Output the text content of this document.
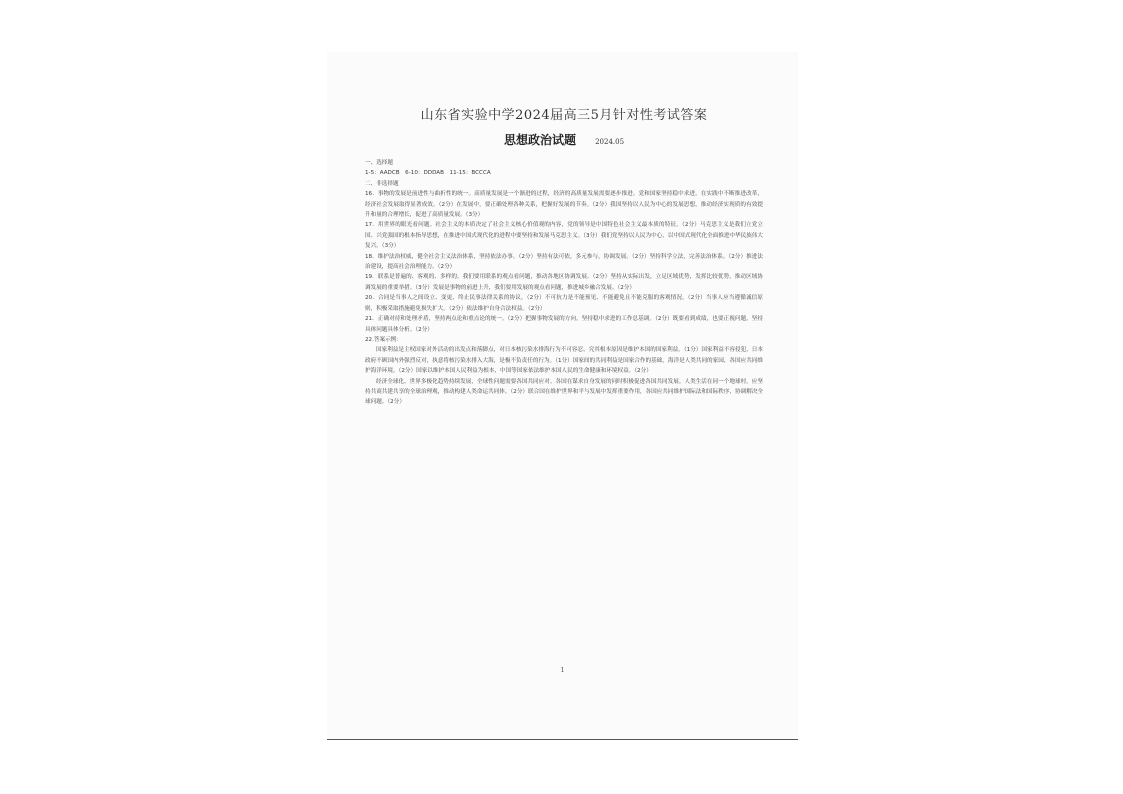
山东省实验中学2024届高三5月针对性考试答案
思想政治试题	2024.05

一、选择题

1-5：AADCB　6-10：DDDAB　11-15：BCCCA

二、非选择题

16．事物的发展是前进性与曲折性的统一。高质量发展是一个渐进的过程，经济的高质量发展需要逐步推进。党和国家坚持稳中求进，在实践中不断推进改革，经济社会发展取得显著成效。（2分）在发展中，要正确处理各种关系，把握好发展的节奏。（2分）我国坚持以人民为中心的发展思想，推动经济实现质的有效提升和量的合理增长，促进了高质量发展。（3分）

17．用世界的眼光看问题。社会主义的本质决定了社会主义核心价值观的内容，党的领导是中国特色社会主义最本质的特征。（2分）马克思主义是我们立党立国、兴党强国的根本指导思想，在推进中国式现代化的进程中要坚持和发展马克思主义。（3分）我们党坚持以人民为中心，以中国式现代化全面推进中华民族伟大复兴。（3分）

18．维护法治权威，健全社会主义法治体系，坚持依法办事。（2分）坚持有法可依，多元参与，协调发展。（2分）坚持科学立法，完善法治体系。（2分）推进法治建设，提高社会治理能力。（2分）

19．联系是普遍的、客观的、多样的。我们要用联系的观点看问题，推动各地区协调发展。（2分）坚持从实际出发，立足区域优势，发挥比较优势，推动区域协调发展的重要举措。（3分）发展是事物的前进上升，我们要用发展的观点看问题，推进城乡融合发展。（2分）

20．合同是当事人之间设立、变更、终止民事法律关系的协议。（2分）不可抗力是不能预见、不能避免且不能克服的客观情况。（2分）当事人应当遵循诚信原则，积极采取措施避免损失扩大。（2分）依法维护自身合法权益。（2分）

21．正确对待和处理矛盾，坚持两点论和重点论的统一。（2分）把握事物发展的方向，坚持稳中求进的工作总基调。（2分）既要看到成绩，也要正视问题，坚持具体问题具体分析。（2分）

22.答案示例：

国家利益是主权国家对外活动的出发点和落脚点，对日本核污染水排海行为不可容忍，究其根本原因是维护本国的国家利益。（1分）国家利益不容侵犯，日本政府不顾国内外强烈反对，执意将核污染水排入大海，是极不负责任的行为。（1分）国家间的共同利益是国家合作的基础，海洋是人类共同的家园，各国应共同维护海洋环境。（2分）国家以维护本国人民利益为根本，中国等国家依法维护本国人民的生命健康和环境权益。（2分）

经济全球化、世界多极化趋势持续发展，全球性问题需要各国共同应对。各国在谋求自身发展的同时积极促进各国共同发展。人类生活在同一个地球村，应坚持共商共建共享的全球治理观，推动构建人类命运共同体。（2分）联合国在维护世界和平与发展中发挥重要作用，各国应共同维护国际法和国际秩序，协调解决全球问题。（2分）

1
